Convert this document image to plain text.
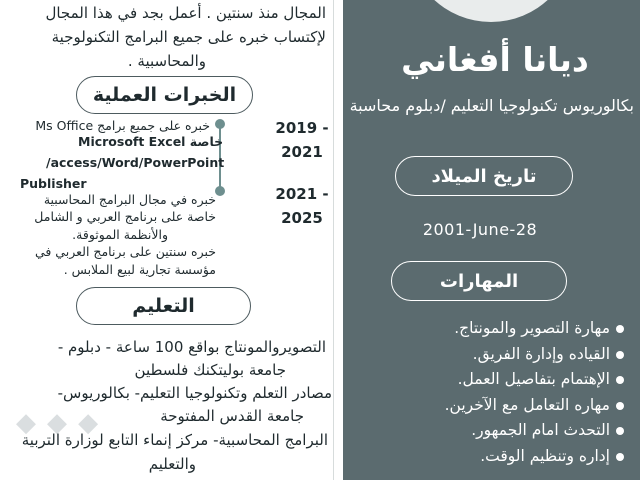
المجال منذ سنتين . أعمل بجد في هذا المجال
لإكتساب خبره على جميع البرامج التكنولوجية
والمحاسبية .
الخبرات العملية
2019 -
2021
2021 -
2025
خبره على جميع برامج Ms Office
خاصة Microsoft Excel
/access/Word/PowerPoint
Publisher
خبره في مجال البرامج المحاسبية
خاصة على برنامج العربي و الشامل
والأنظمة الموثوقة.
خبره سنتين على برنامج العربي في
مؤسسة تجارية لبيع الملابس .
التعليم
التصويروالمونتاج بواقع 100 ساعة - دبلوم -
جامعة بوليتكنك فلسطين
مصادر التعلم وتكنولوجيا التعليم- بكالوريوس-
جامعة القدس المفتوحة
البرامج المحاسبية- مركز إنماء التابع لوزارة التربية
والتعليم
◆ ◆ ◆
ديانا أفغاني
بكالوريوس تكنولوجيا التعليم /دبلوم محاسبة
تاريخ الميلاد
2001-June-28
المهارات
مهارة التصوير والمونتاج.
القياده وإدارة الفريق.
الإهتمام بتفاصيل العمل.
مهاره التعامل مع الآخرين.
التحدث امام الجمهور.
إداره وتنظيم الوقت.
